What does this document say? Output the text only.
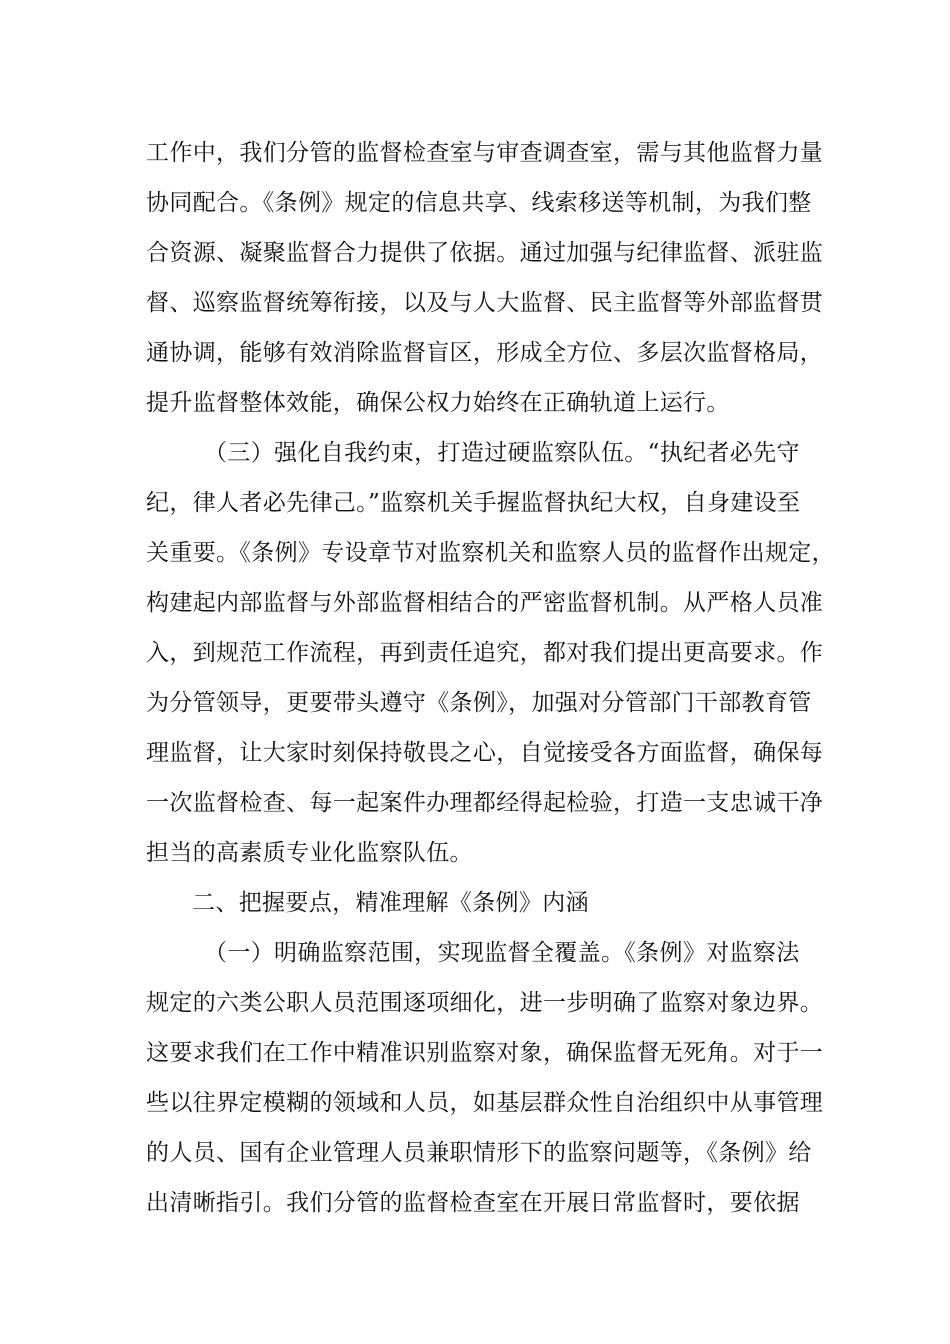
工作中，我们分管的监督检查室与审查调查室，需与其他监督力量
协同配合。《条例》规定的信息共享、线索移送等机制，为我们整
合资源、凝聚监督合力提供了依据。通过加强与纪律监督、派驻监
督、巡察监督统筹衔接，以及与人大监督、民主监督等外部监督贯
通协调，能够有效消除监督盲区，形成全方位、多层次监督格局，
提升监督整体效能，确保公权力始终在正确轨道上运行。
（三）强化自我约束，打造过硬监察队伍。“执纪者必先守
纪，律人者必先律己。”监察机关手握监督执纪大权，自身建设至
关重要。《条例》专设章节对监察机关和监察人员的监督作出规定，
构建起内部监督与外部监督相结合的严密监督机制。从严格人员准
入，到规范工作流程，再到责任追究，都对我们提出更高要求。作
为分管领导，更要带头遵守《条例》，加强对分管部门干部教育管
理监督，让大家时刻保持敬畏之心，自觉接受各方面监督，确保每
一次监督检查、每一起案件办理都经得起检验，打造一支忠诚干净
担当的高素质专业化监察队伍。
二、把握要点，精准理解《条例》内涵
（一）明确监察范围，实现监督全覆盖。《条例》对监察法
规定的六类公职人员范围逐项细化，进一步明确了监察对象边界。
这要求我们在工作中精准识别监察对象，确保监督无死角。对于一
些以往界定模糊的领域和人员，如基层群众性自治组织中从事管理
的人员、国有企业管理人员兼职情形下的监察问题等，《条例》给
出清晰指引。我们分管的监督检查室在开展日常监督时，要依据
